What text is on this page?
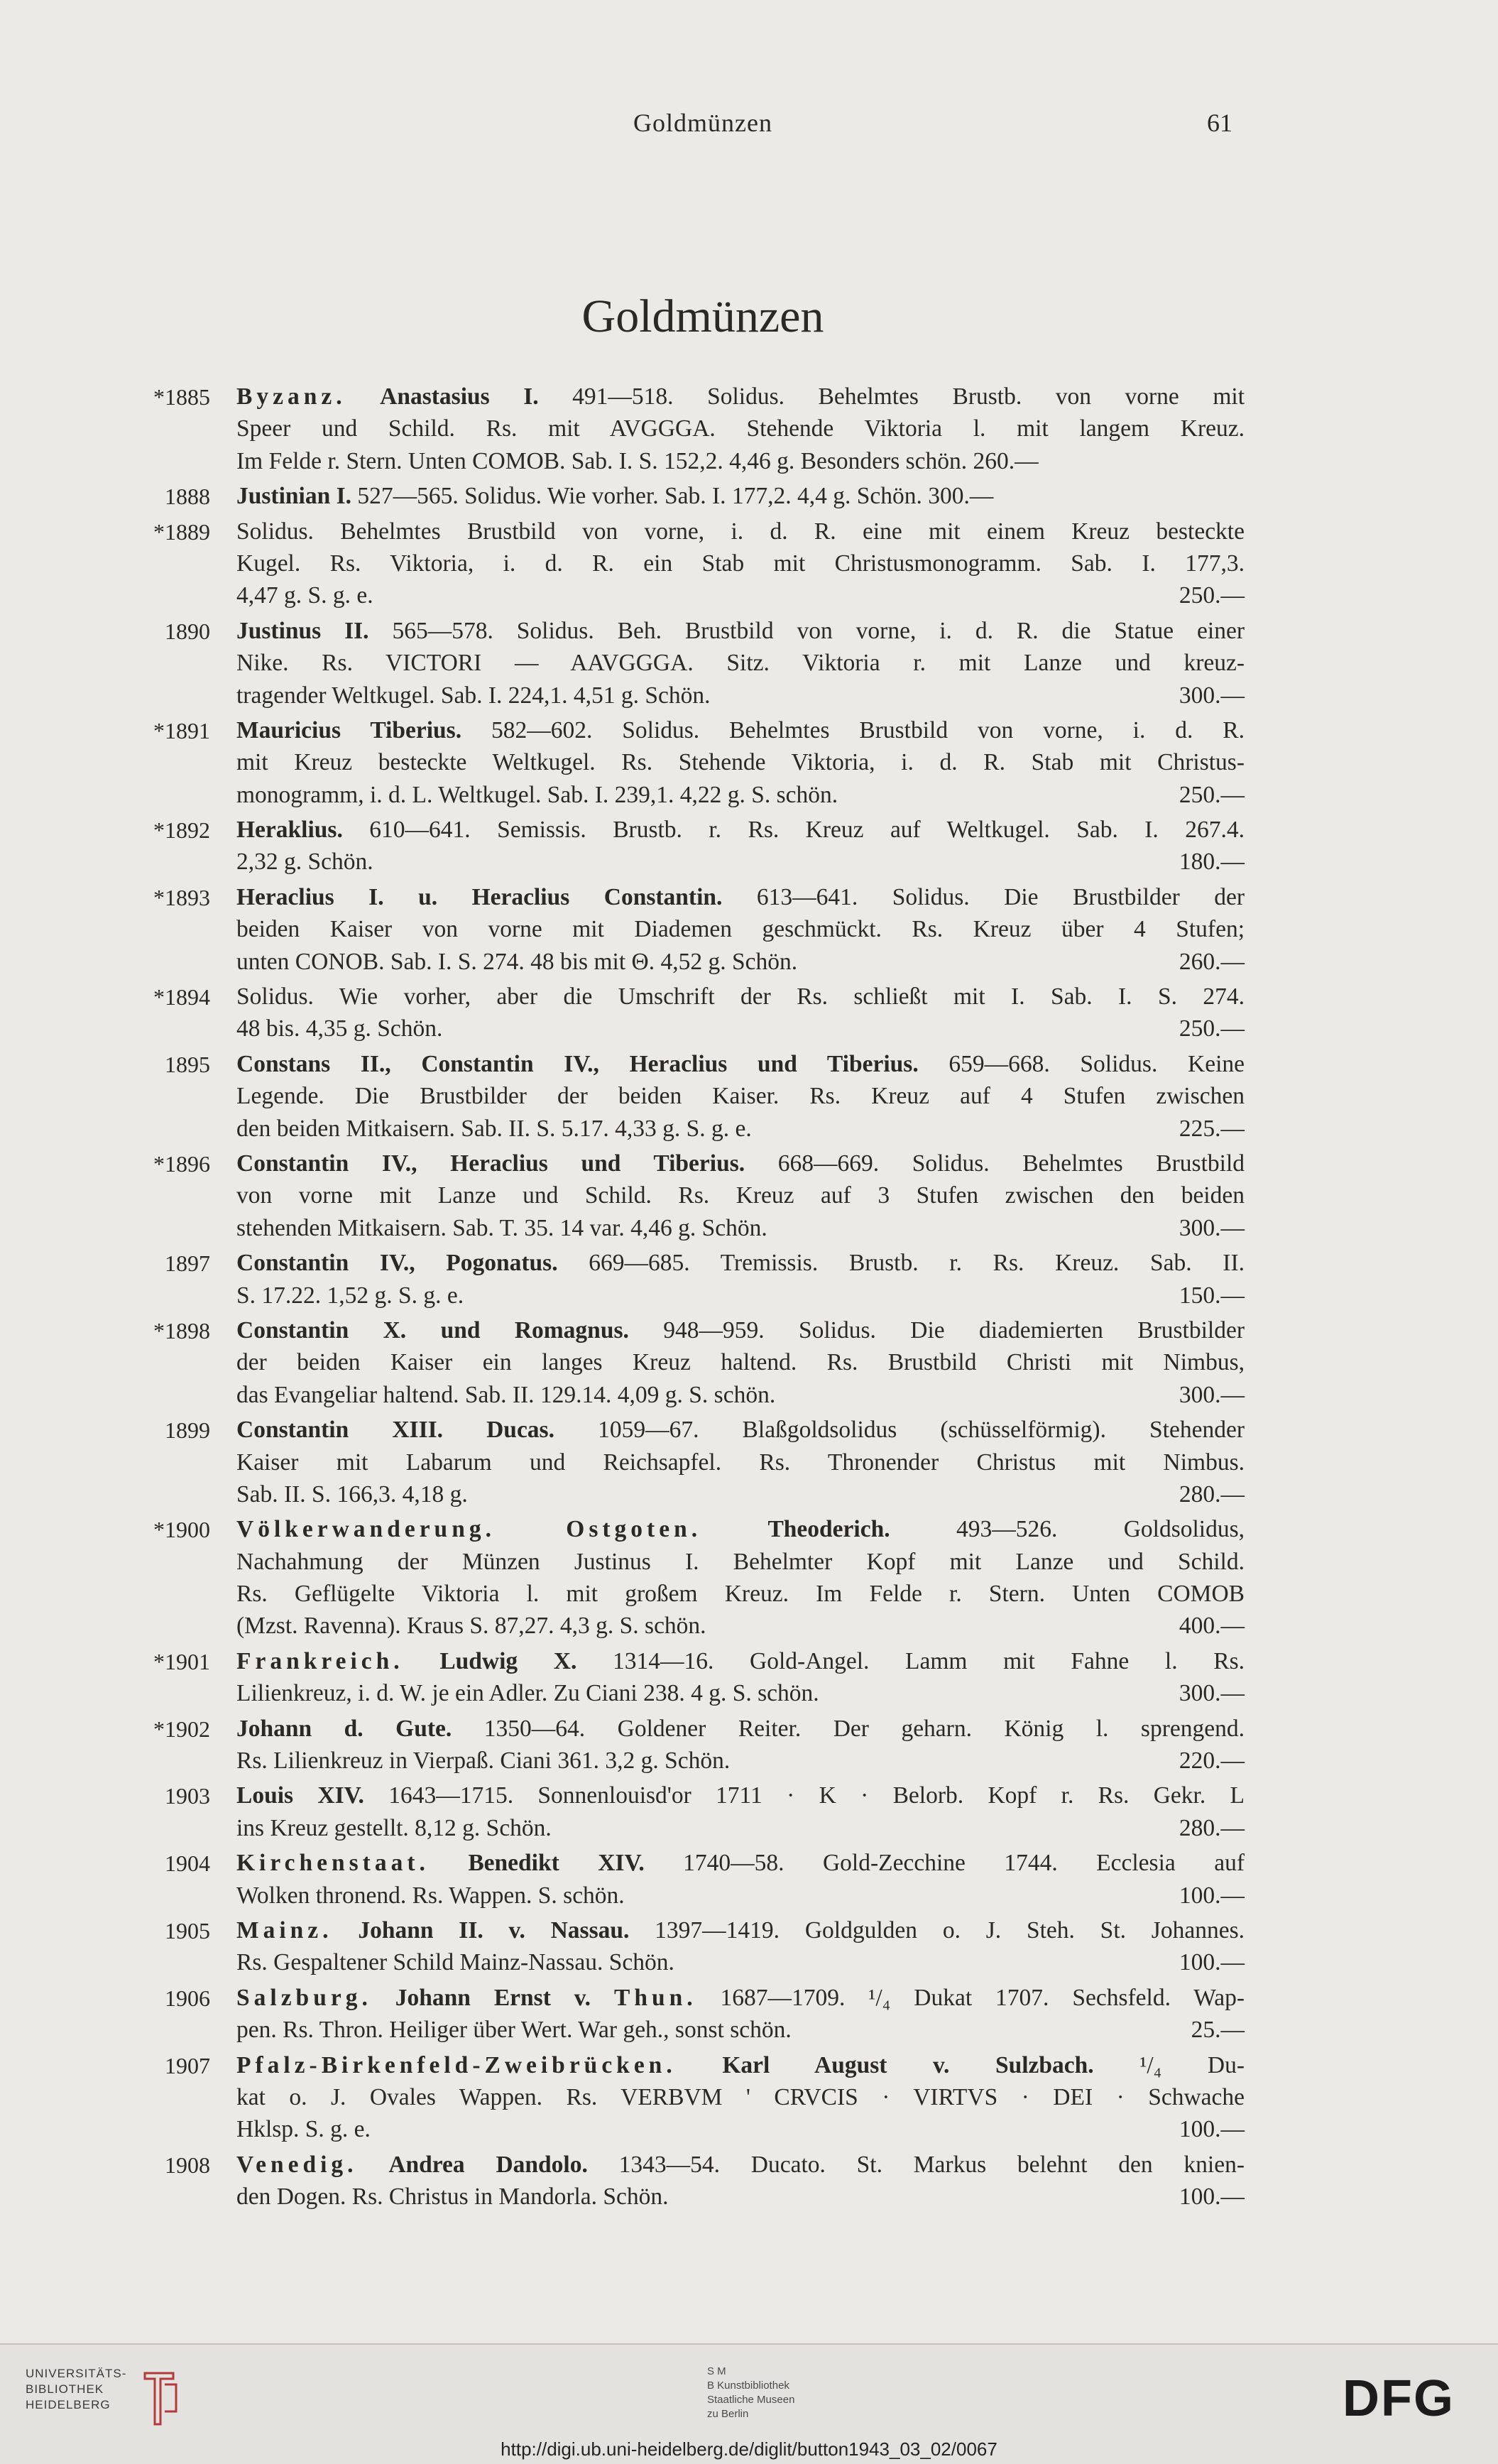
Goldmünzen	61
Goldmünzen
*1885 Byzanz. Anastasius I. 491—518. Solidus. Behelmtes Brustb. von vorne mit
Speer und Schild. Rs. mit AVGGGA. Stehende Viktoria l. mit langem Kreuz.
Im Felde r. Stern. Unten COMOB. Sab. I. S. 152,2. 4,46 g. Besonders schön. 260.—
1888 Justinian I. 527—565. Solidus. Wie vorher. Sab. I. 177,2. 4,4 g. Schön. 300.—
*1889 Solidus. Behelmtes Brustbild von vorne, i. d. R. eine mit einem Kreuz besteckte
Kugel. Rs. Viktoria, i. d. R. ein Stab mit Christusmonogramm. Sab. I. 177,3.
4,47 g. S. g. e.	250.—
1890 Justinus II. 565—578. Solidus. Beh. Brustbild von vorne, i. d. R. die Statue einer
Nike. Rs. VICTORI — AAVGGGA. Sitz. Viktoria r. mit Lanze und kreuz-
tragender Weltkugel. Sab. I. 224,1. 4,51 g. Schön.	300.—
*1891 Mauricius Tiberius. 582—602. Solidus. Behelmtes Brustbild von vorne, i. d. R.
mit Kreuz besteckte Weltkugel. Rs. Stehende Viktoria, i. d. R. Stab mit Christus-
monogramm, i. d. L. Weltkugel. Sab. I. 239,1. 4,22 g. S. schön.	250.—
*1892 Heraklius. 610—641. Semissis. Brustb. r. Rs. Kreuz auf Weltkugel. Sab. I. 267.4.
2,32 g. Schön.	180.—
*1893 Heraclius I. u. Heraclius Constantin. 613—641. Solidus. Die Brustbilder der
beiden Kaiser von vorne mit Diademen geschmückt. Rs. Kreuz über 4 Stufen;
unten CONOB. Sab. I. S. 274. 48 bis mit Θ. 4,52 g. Schön.	260.—
*1894 Solidus. Wie vorher, aber die Umschrift der Rs. schließt mit I. Sab. I. S. 274.
48 bis. 4,35 g. Schön.	250.—
1895 Constans II., Constantin IV., Heraclius und Tiberius. 659—668. Solidus. Keine
Legende. Die Brustbilder der beiden Kaiser. Rs. Kreuz auf 4 Stufen zwischen
den beiden Mitkaisern. Sab. II. S. 5.17. 4,33 g. S. g. e.	225.—
*1896 Constantin IV., Heraclius und Tiberius. 668—669. Solidus. Behelmtes Brustbild
von vorne mit Lanze und Schild. Rs. Kreuz auf 3 Stufen zwischen den beiden
stehenden Mitkaisern. Sab. T. 35. 14 var. 4,46 g. Schön.	300.—
1897 Constantin IV., Pogonatus. 669—685. Tremissis. Brustb. r. Rs. Kreuz. Sab. II.
S. 17.22. 1,52 g. S. g. e.	150.—
*1898 Constantin X. und Romagnus. 948—959. Solidus. Die diademierten Brustbilder
der beiden Kaiser ein langes Kreuz haltend. Rs. Brustbild Christi mit Nimbus,
das Evangeliar haltend. Sab. II. 129.14. 4,09 g. S. schön.	300.—
1899 Constantin XIII. Ducas. 1059—67. Blaßgoldsolidus (schüsselförmig). Stehender
Kaiser mit Labarum und Reichsapfel. Rs. Thronender Christus mit Nimbus.
Sab. II. S. 166,3. 4,18 g.	280.—
*1900 Völkerwanderung. Ostgoten.	Theoderich. 493—526. Goldsolidus,
Nachahmung der Münzen Justinus I. Behelmter Kopf mit Lanze und Schild.
Rs. Geflügelte Viktoria l. mit großem Kreuz. Im Felde r. Stern. Unten COMOB
(Mzst. Ravenna). Kraus S. 87,27. 4,3 g. S. schön.	400.—
*1901 Frankreich. Ludwig X. 1314—16. Gold-Angel. Lamm mit Fahne l. Rs.
Lilienkreuz, i. d. W. je ein Adler. Zu Ciani 238. 4 g. S. schön.	300.—
*1902 Johann d. Gute. 1350—64. Goldener Reiter. Der geharn. König l. sprengend.
Rs. Lilienkreuz in Vierpaß. Ciani 361. 3,2 g. Schön.	220.—
1903 Louis XIV. 1643—1715. Sonnenlouisd'or 1711 · K · Belorb. Kopf r. Rs. Gekr. L
ins Kreuz gestellt. 8,12 g. Schön.	280.—
1904 Kirchenstaat. Benedikt XIV. 1740—58. Gold-Zecchine 1744. Ecclesia auf
Wolken thronend. Rs. Wappen. S. schön.	100.—
1905 Mainz. Johann II. v. Nassau. 1397—1419. Goldgulden o. J. Steh. St. Johannes.
Rs. Gespaltener Schild Mainz-Nassau. Schön.	100.—
1906 Salzburg. Johann Ernst v. Thun. 1687—1709. ¹/₄ Dukat 1707. Sechsfeld. Wap-
pen. Rs. Thron. Heiliger über Wert. War geh., sonst schön.	25.—
1907 Pfalz-Birkenfeld-Zweibrücken. Karl August v. Sulzbach. ¹/₄ Du-
kat o. J. Ovales Wappen. Rs. VERBVM ' CRVCIS · VIRTVS · DEI · Schwache
Hklsp. S. g. e.	100.—
1908 Venedig. Andrea Dandolo. 1343—54. Ducato. St. Markus belehnt den knien-
den Dogen. Rs. Christus in Mandorla. Schön.	100.—
UNIVERSITÄTS-
BIBLIOTHEK
HEIDELBERG
S M
B Kunstbibliothek
Staatliche Museen
zu Berlin	DFG
http://digi.ub.uni-heidelberg.de/diglit/button1943_03_02/0067
